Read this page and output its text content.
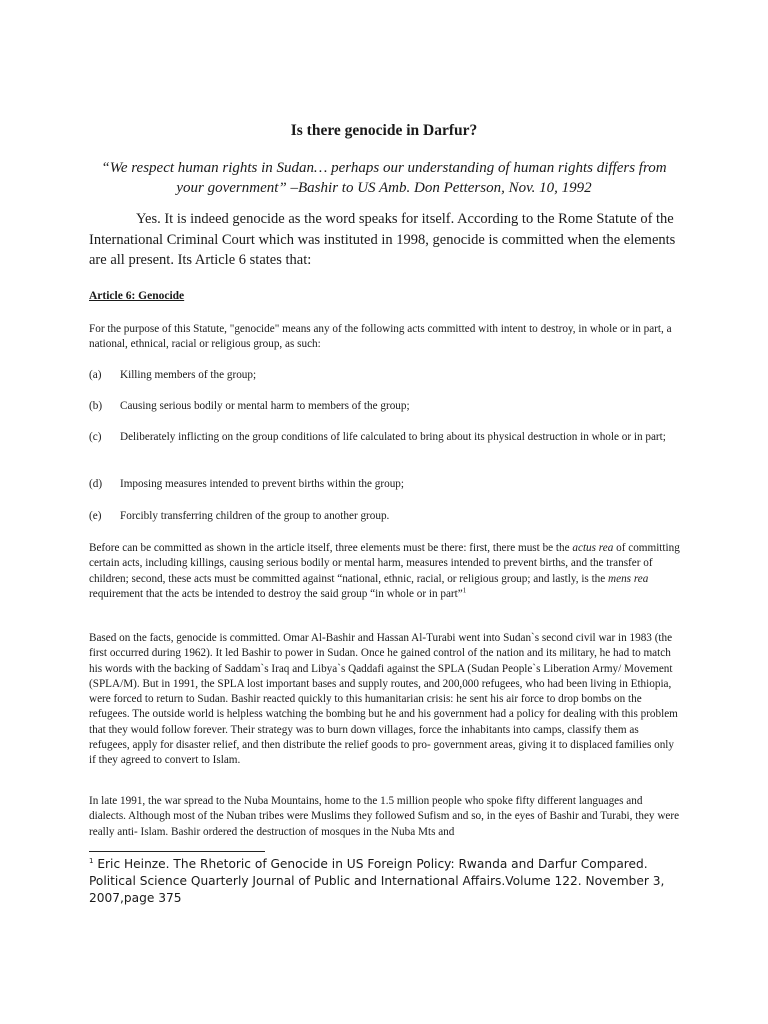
Is there genocide in Darfur?

“We respect human rights in Sudan… perhaps our understanding of human rights differs from your government” –Bashir to US Amb. Don Petterson, Nov. 10, 1992

Yes. It is indeed genocide as the word speaks for itself. According to the Rome Statute of the International Criminal Court which was instituted in 1998, genocide is committed when the elements are all present. Its Article 6 states that:

Article 6: Genocide

For the purpose of this Statute, "genocide" means any of the following acts committed with intent to destroy, in whole or in part, a national, ethnical, racial or religious group, as such:

(a) Killing members of the group;

(b) Causing serious bodily or mental harm to members of the group;

(c) Deliberately inflicting on the group conditions of life calculated to bring about its physical destruction in whole or in part;

(d) Imposing measures intended to prevent births within the group;

(e) Forcibly transferring children of the group to another group.

Before can be committed as shown in the article itself, three elements must be there: first, there must be the actus rea of committing certain acts, including killings, causing serious bodily or mental harm, measures intended to prevent births, and the transfer of children; second, these acts must be committed against “national, ethnic, racial, or religious group; and lastly, is the mens rea requirement that the acts be intended to destroy the said group “in whole or in part”$^1$

Based on the facts, genocide is committed. Omar Al-Bashir and Hassan Al-Turabi went into Sudan`s second civil war in 1983 (the first occurred during 1962). It led Bashir to power in Sudan. Once he gained control of the nation and its military, he had to match his words with the backing of Saddam`s Iraq and Libya`s Qaddafi against the SPLA (Sudan People`s Liberation Army/ Movement (SPLA/M). But in 1991, the SPLA lost important bases and supply routes, and 200,000 refugees, who had been living in Ethiopia, were forced to return to Sudan. Bashir reacted quickly to this humanitarian crisis: he sent his air force to drop bombs on the refugees. The outside world is helpless watching the bombing but he and his government had a policy for dealing with this problem that they would follow forever. Their strategy was to burn down villages, force the inhabitants into camps, classify them as refugees, apply for disaster relief, and then distribute the relief goods to pro- government areas, giving it to displaced families only if they agreed to convert to Islam.

In late 1991, the war spread to the Nuba Mountains, home to the 1.5 million people who spoke fifty different languages and dialects. Although most of the Nuban tribes were Muslims they followed Sufism and so, in the eyes of Bashir and Turabi, they were really anti- Islam. Bashir ordered the destruction of mosques in the Nuba Mts and

$^1$ Eric Heinze. The Rhetoric of Genocide in US Foreign Policy: Rwanda and Darfur Compared. Political Science Quarterly Journal of Public and International Affairs.Volume 122. November 3, 2007,page 375
